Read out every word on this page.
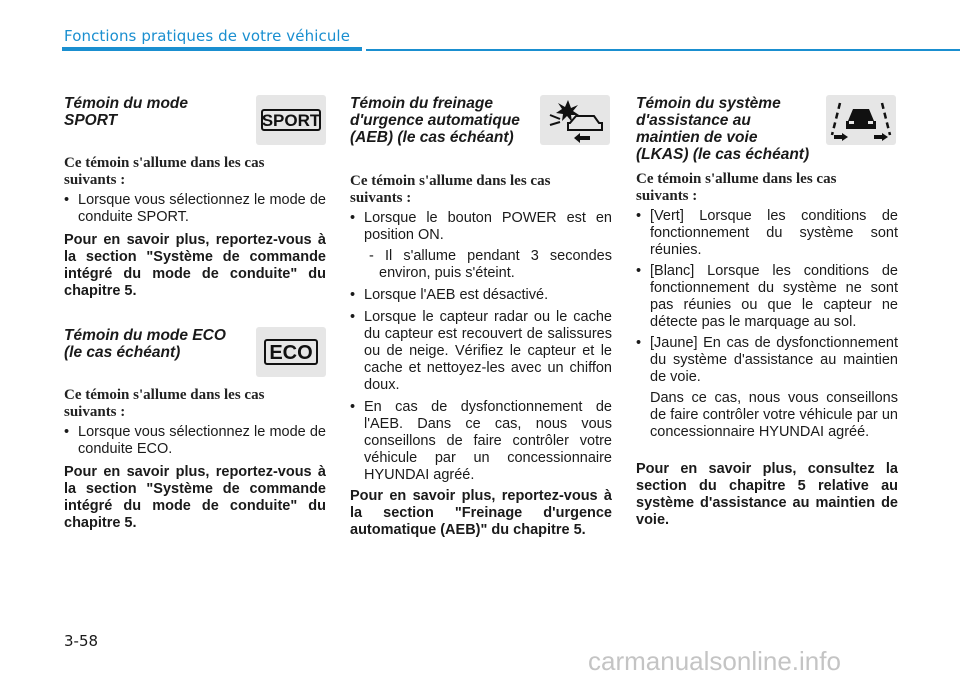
Fonctions pratiques de votre véhicule
SPORT

Témoin du mode SPORT

Ce témoin s'allume dans les cas suivants :

• Lorsque vous sélectionnez le mode de conduite SPORT.

Pour en savoir plus, reportez-vous à la section "Système de commande intégré du mode de conduite" du chapitre 5.

ECO

Témoin du mode ECO (le cas échéant)

Ce témoin s'allume dans les cas suivants :

• Lorsque vous sélectionnez le mode de conduite ECO.

Pour en savoir plus, reportez-vous à la section "Système de commande intégré du mode de conduite" du chapitre 5.

Témoin du freinage d'urgence automatique (AEB) (le cas échéant)

Ce témoin s'allume dans les cas suivants :

• Lorsque le bouton POWER est en position ON.

- Il s'allume pendant 3 secondes environ, puis s'éteint.

• Lorsque l'AEB est désactivé.

• Lorsque le capteur radar ou le cache du capteur est recouvert de salissures ou de neige. Vérifiez le capteur et le cache et nettoyez-les avec un chiffon doux.

• En cas de dysfonctionnement de l'AEB. Dans ce cas, nous vous conseillons de faire contrôler votre véhicule par un concessionnaire HYUNDAI agréé.

Pour en savoir plus, reportez-vous à la section "Freinage d'urgence automatique (AEB)" du chapitre 5.

Témoin du système d'assistance au maintien de voie (LKAS) (le cas échéant)

Ce témoin s'allume dans les cas suivants :

• [Vert] Lorsque les conditions de fonctionnement du système sont réunies.

• [Blanc] Lorsque les conditions de fonctionnement du système ne sont pas réunies ou que le capteur ne détecte pas le marquage au sol.

• [Jaune] En cas de dysfonctionnement du système d'assistance au maintien de voie.

Dans ce cas, nous vous conseillons de faire contrôler votre véhicule par un concessionnaire HYUNDAI agréé.

Pour en savoir plus, consultez la section du chapitre 5 relative au système d'assistance au maintien de voie.

3-58
carmanualsonline.info
